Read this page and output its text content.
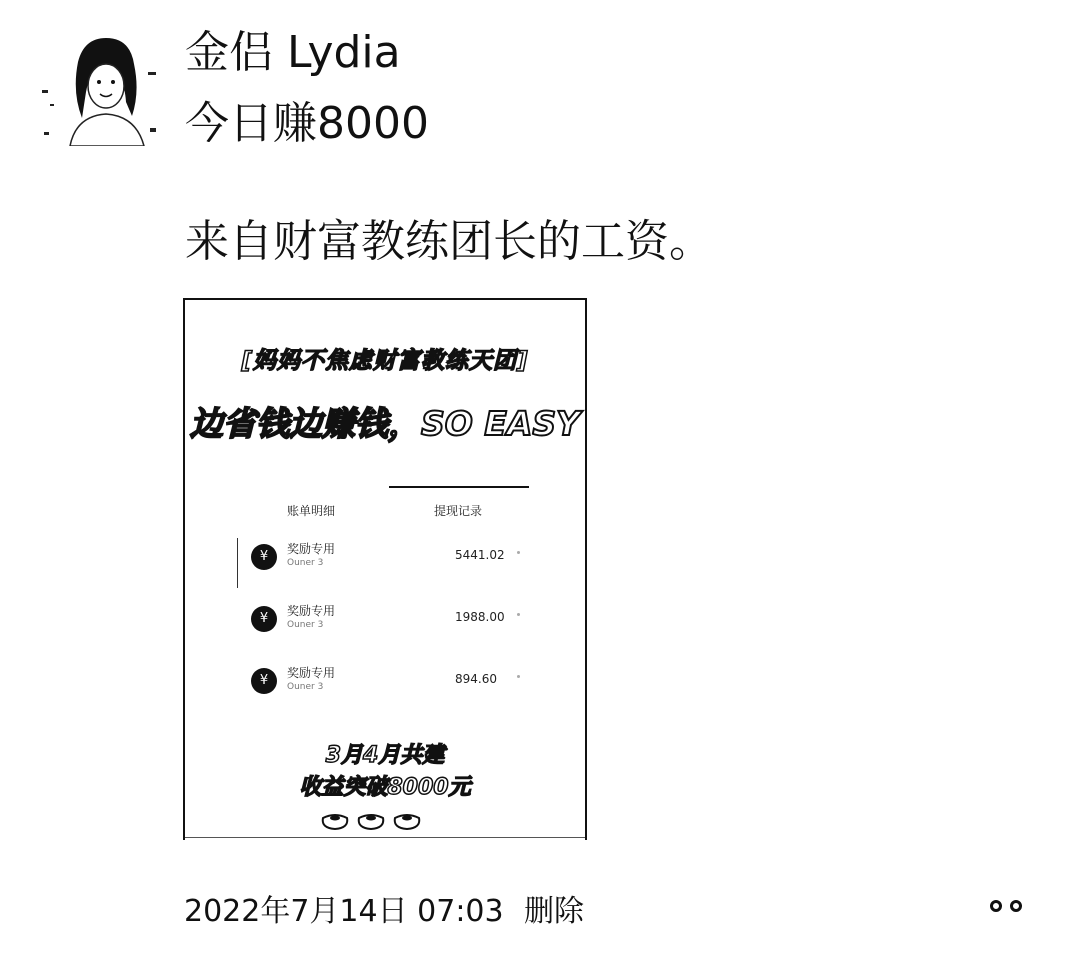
金侣 Lydia
今日赚8000
来自财富教练团长的工资。
[妈妈不焦虑财富教练天团]
边省钱边赚钱，SO EASY
账单明细	提现记录
¥	奖励专用
Ouner 3
5441.02
¥	奖励专用
Ouner 3
1988.00
¥	奖励专用
Ouner 3
894.60
3月4月共建
收益突破8000元
2022年7月14日 07:03 删除
